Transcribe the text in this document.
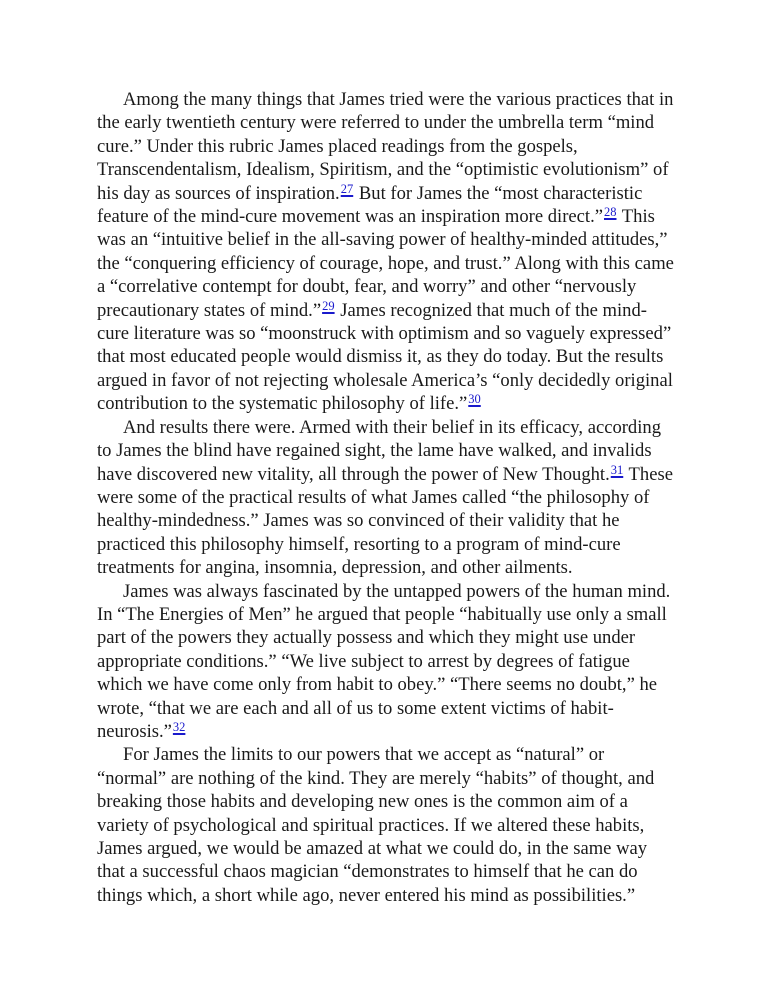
Among the many things that James tried were the various practices that in the early twentieth century were referred to under the umbrella term “mind cure.” Under this rubric James placed readings from the gospels, Transcendentalism, Idealism, Spiritism, and the “optimistic evolutionism” of his day as sources of inspiration.$^{27}$ But for James the “most characteristic feature of the mind-cure movement was an inspiration more direct.”$^{28}$ This was an “intuitive belief in the all-saving power of healthy-minded attitudes,” the “conquering efficiency of courage, hope, and trust.” Along with this came a “correlative contempt for doubt, fear, and worry” and other “nervously precautionary states of mind.”$^{29}$ James recognized that much of the mind-cure literature was so “moonstruck with optimism and so vaguely expressed” that most educated people would dismiss it, as they do today. But the results argued in favor of not rejecting wholesale America’s “only decidedly original contribution to the systematic philosophy of life.”$^{30}$

And results there were. Armed with their belief in its efficacy, according to James the blind have regained sight, the lame have walked, and invalids have discovered new vitality, all through the power of New Thought.$^{31}$ These were some of the practical results of what James called “the philosophy of healthy-mindedness.” James was so convinced of their validity that he practiced this philosophy himself, resorting to a program of mind-cure treatments for angina, insomnia, depression, and other ailments.

James was always fascinated by the untapped powers of the human mind. In “The Energies of Men” he argued that people “habitually use only a small part of the powers they actually possess and which they might use under appropriate conditions.” “We live subject to arrest by degrees of fatigue which we have come only from habit to obey.” “There seems no doubt,” he wrote, “that we are each and all of us to some extent victims of habit-neurosis.”$^{32}$

For James the limits to our powers that we accept as “natural” or “normal” are nothing of the kind. They are merely “habits” of thought, and breaking those habits and developing new ones is the common aim of a variety of psychological and spiritual practices. If we altered these habits, James argued, we would be amazed at what we could do, in the same way that a successful chaos magician “demonstrates to himself that he can do things which, a short while ago, never entered his mind as possibilities.”
